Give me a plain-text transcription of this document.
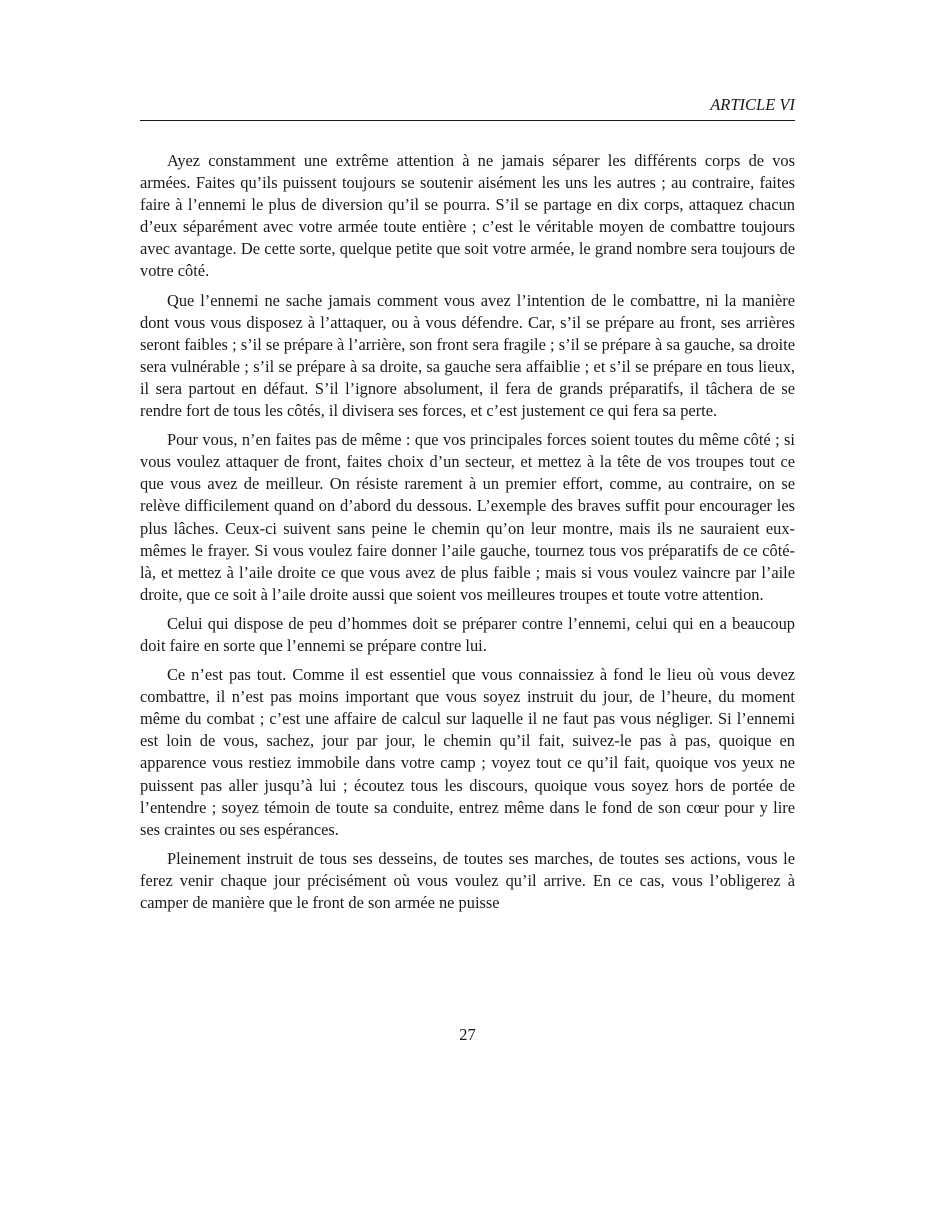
ARTICLE VI

Ayez constamment une extrême attention à ne jamais séparer les différents corps de vos armées. Faites qu’ils puissent toujours se soutenir aisément les uns les autres ; au contraire, faites faire à l’ennemi le plus de diversion qu’il se pourra. S’il se partage en dix corps, attaquez chacun d’eux séparément avec votre armée toute entière ; c’est le véritable moyen de combattre toujours avec avantage. De cette sorte, quelque petite que soit votre armée, le grand nombre sera toujours de votre côté.

Que l’ennemi ne sache jamais comment vous avez l’intention de le combattre, ni la manière dont vous vous disposez à l’attaquer, ou à vous défendre. Car, s’il se prépare au front, ses arrières seront faibles ; s’il se prépare à l’arrière, son front sera fragile ; s’il se prépare à sa gauche, sa droite sera vulnérable ; s’il se prépare à sa droite, sa gauche sera affaiblie ; et s’il se prépare en tous lieux, il sera partout en défaut. S’il l’ignore absolument, il fera de grands préparatifs, il tâchera de se rendre fort de tous les côtés, il divisera ses forces, et c’est justement ce qui fera sa perte.

Pour vous, n’en faites pas de même : que vos principales forces soient toutes du même côté ; si vous voulez attaquer de front, faites choix d’un secteur, et mettez à la tête de vos troupes tout ce que vous avez de meilleur. On résiste rarement à un premier effort, comme, au contraire, on se relève difficilement quand on d’abord du dessous. L’exemple des braves suffit pour encourager les plus lâches. Ceux-ci suivent sans peine le chemin qu’on leur montre, mais ils ne sauraient eux-mêmes le frayer. Si vous voulez faire donner l’aile gauche, tournez tous vos préparatifs de ce côté-là, et mettez à l’aile droite ce que vous avez de plus faible ; mais si vous voulez vaincre par l’aile droite, que ce soit à l’aile droite aussi que soient vos meilleures troupes et toute votre attention.

Celui qui dispose de peu d’hommes doit se préparer contre l’ennemi, celui qui en a beaucoup doit faire en sorte que l’ennemi se prépare contre lui.

Ce n’est pas tout. Comme il est essentiel que vous connaissiez à fond le lieu où vous devez combattre, il n’est pas moins important que vous soyez instruit du jour, de l’heure, du moment même du combat ; c’est une affaire de calcul sur laquelle il ne faut pas vous négliger. Si l’ennemi est loin de vous, sachez, jour par jour, le chemin qu’il fait, suivez-le pas à pas, quoique en apparence vous restiez immobile dans votre camp ; voyez tout ce qu’il fait, quoique vos yeux ne puissent pas aller jusqu’à lui ; écoutez tous les discours, quoique vous soyez hors de portée de l’entendre ; soyez témoin de toute sa conduite, entrez même dans le fond de son cœur pour y lire ses craintes ou ses espérances.

Pleinement instruit de tous ses desseins, de toutes ses marches, de toutes ses actions, vous le ferez venir chaque jour précisément où vous voulez qu’il arrive. En ce cas, vous l’obligerez à camper de manière que le front de son armée ne puisse

27
